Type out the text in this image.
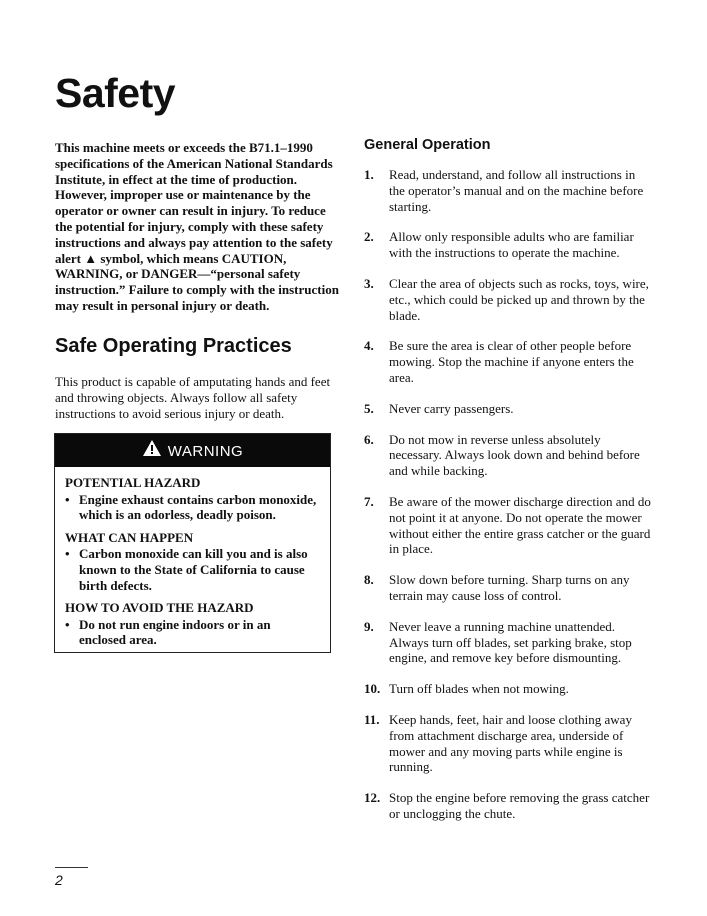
Safety

This machine meets or exceeds the B71.1–1990 specifications of the American National Standards Institute, in effect at the time of production. However, improper use or maintenance by the operator or owner can result in injury. To reduce the potential for injury, comply with these safety instructions and always pay attention to the safety alert ▲ symbol, which means CAUTION, WARNING, or DANGER—“personal safety instruction.” Failure to comply with the instruction may result in personal injury or death.

Safe Operating Practices

This product is capable of amputating hands and feet and throwing objects. Always follow all safety instructions to avoid serious injury or death.

WARNING

POTENTIAL HAZARD

• Engine exhaust contains carbon monoxide, which is an odorless, deadly poison.

WHAT CAN HAPPEN

• Carbon monoxide can kill you and is also known to the State of California to cause birth defects.

HOW TO AVOID THE HAZARD

• Do not run engine indoors or in an enclosed area.

General Operation
1. Read, understand, and follow all instructions in the operator’s manual and on the machine before starting.
2. Allow only responsible adults who are familiar with the instructions to operate the machine.
3. Clear the area of objects such as rocks, toys, wire, etc., which could be picked up and thrown by the blade.
4. Be sure the area is clear of other people before mowing. Stop the machine if anyone enters the area.
5. Never carry passengers.
6. Do not mow in reverse unless absolutely necessary. Always look down and behind before and while backing.
7. Be aware of the mower discharge direction and do not point it at anyone. Do not operate the mower without either the entire grass catcher or the guard in place.
8. Slow down before turning. Sharp turns on any terrain may cause loss of control.
9. Never leave a running machine unattended. Always turn off blades, set parking brake, stop engine, and remove key before dismounting.
10. Turn off blades when not mowing.
11. Keep hands, feet, hair and loose clothing away from attachment discharge area, underside of mower and any moving parts while engine is running.
12. Stop the engine before removing the grass catcher or unclogging the chute.
2
